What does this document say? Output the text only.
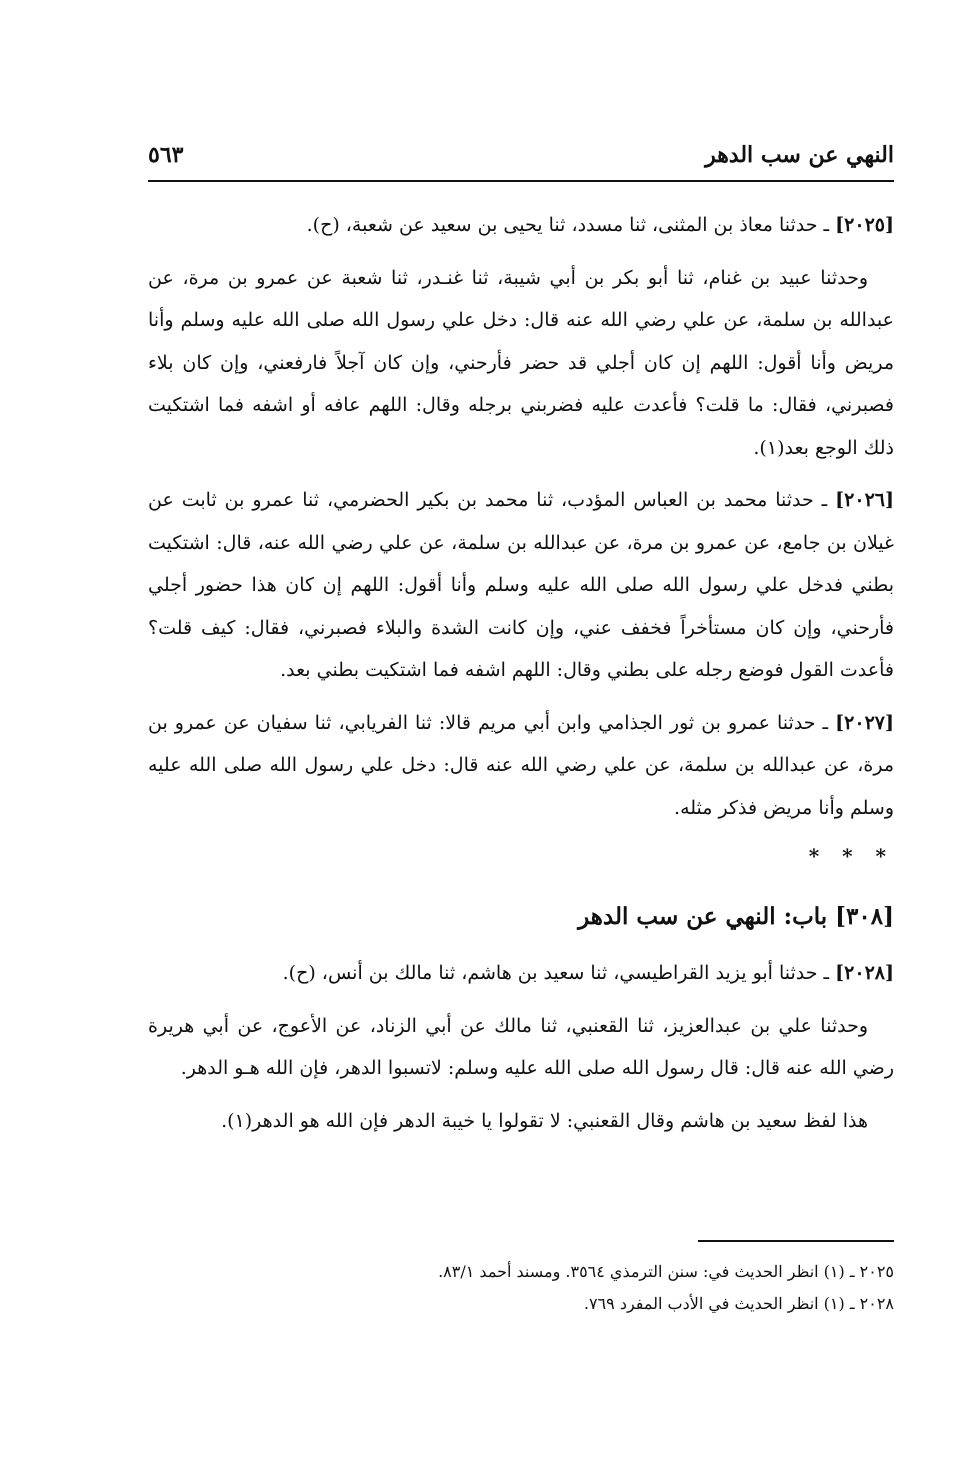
النهي عن سب الدهر
٥٦٣

[٢٠٢٥] ـ حدثنا معاذ بن المثنى، ثنا مسدد، ثنا يحيى بن سعيد عن شعبة، (ح).

وحدثنا عبيد بن غنام، ثنا أبو بكر بن أبي شيبة، ثنا غنـدر، ثنا شعبة عن عمرو بن مرة، عن عبدالله بن سلمة، عن علي رضي الله عنه قال: دخل علي رسول الله صلى الله عليه وسلم وأنا مريض وأنا أقول: اللهم إن كان أجلي قد حضر فأرحني، وإن كان آجلاً فارفعني، وإن كان بلاء فصبرني، فقال: ما قلت؟ فأعدت عليه فضربني برجله وقال: اللهم عافه أو اشفه فما اشتكيت ذلك الوجع بعد(١).

[٢٠٢٦] ـ حدثنا محمد بن العباس المؤدب، ثنا محمد بن بكير الحضرمي، ثنا عمرو بن ثابت عن غيلان بن جامع، عن عمرو بن مرة، عن عبدالله بن سلمة، عن علي رضي الله عنه، قال: اشتكيت بطني فدخل علي رسول الله صلى الله عليه وسلم وأنا أقول: اللهم إن كان هذا حضور أجلي فأرحني، وإن كان مستأخراً فخفف عني، وإن كانت الشدة والبلاء فصبرني، فقال: كيف قلت؟ فأعدت القول فوضع رجله على بطني وقال: اللهم اشفه فما اشتكيت بطني بعد.

[٢٠٢٧] ـ حدثنا عمرو بن ثور الجذامي وابن أبي مريم قالا: ثنا الفريابي، ثنا سفيان عن عمرو بن مرة، عن عبدالله بن سلمة، عن علي رضي الله عنه قال: دخل علي رسول الله صلى الله عليه وسلم وأنا مريض فذكر مثله.

* * *
[٣٠٨] باب: النهي عن سب الدهر

[٢٠٢٨] ـ حدثنا أبو يزيد القراطيسي، ثنا سعيد بن هاشم، ثنا مالك بن أنس، (ح).

وحدثنا علي بن عبدالعزيز، ثنا القعنبي، ثنا مالك عن أبي الزناد، عن الأعوج، عن أبي هريرة رضي الله عنه قال: قال رسول الله صلى الله عليه وسلم: لاتسبوا الدهر، فإن الله هـو الدهر.

هذا لفظ سعيد بن هاشم وقال القعنبي: لا تقولوا يا خيبة الدهر فإن الله هو الدهر(١).

٢٠٢٥ ـ (١) انظر الحديث في: سنن الترمذي ٣٥٦٤. ومسند أحمد ٨٣/١.

٢٠٢٨ ـ (١) انظر الحديث في الأدب المفرد ٧٦٩.
